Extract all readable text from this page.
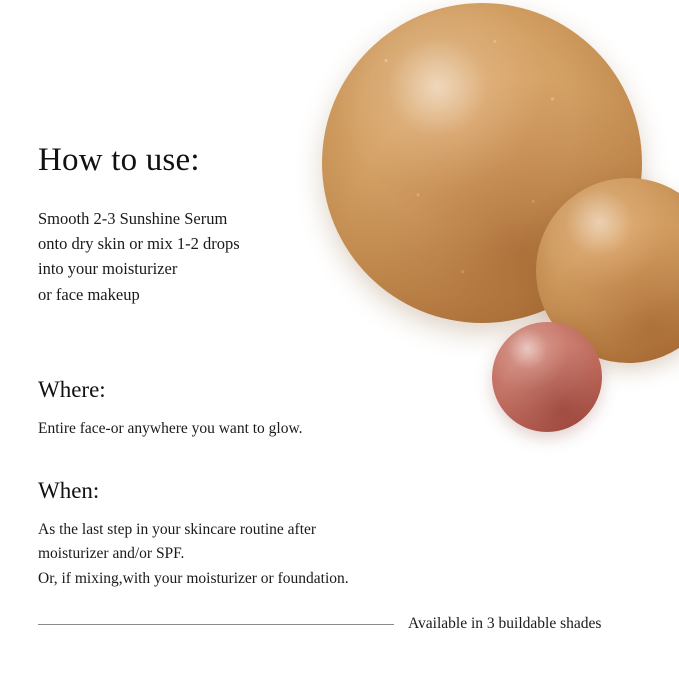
How to use:

Smooth 2-3 Sunshine Serum
onto dry skin or mix 1-2 drops
into your moisturizer
or face makeup

Where:

Entire face-or anywhere you want to glow.

When:

As the last step in your skincare routine after
moisturizer and/or SPF.
Or, if mixing,with your moisturizer or foundation.

Available in 3 buildable shades
